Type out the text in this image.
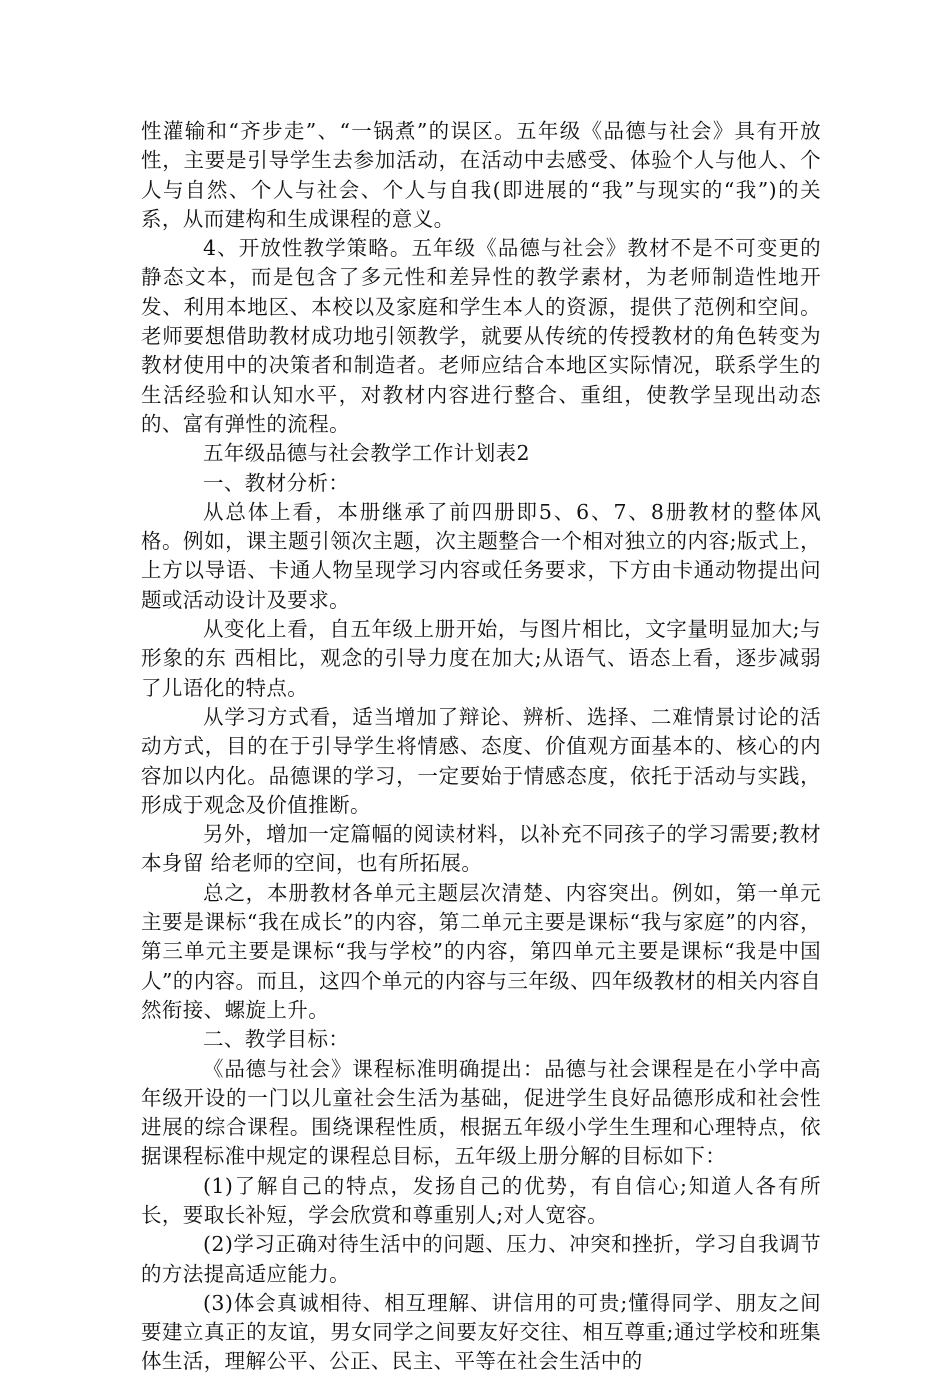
性灌输和“齐步走”、“一锅煮”的误区。五年级《品德与社会》具有开放性，主要是引导学生去参加活动，在活动中去感受、体验个人与他人、个人与自然、个人与社会、个人与自我(即进展的“我”与现实的“我”)的关系，从而建构和生成课程的意义。

4、开放性教学策略。五年级《品德与社会》教材不是不可变更的静态文本，而是包含了多元性和差异性的教学素材，为老师制造性地开发、利用本地区、本校以及家庭和学生本人的资源，提供了范例和空间。老师要想借助教材成功地引领教学，就要从传统的传授教材的角色转变为教材使用中的决策者和制造者。老师应结合本地区实际情况，联系学生的生活经验和认知水平，对教材内容进行整合、重组，使教学呈现出动态的、富有弹性的流程。

五年级品德与社会教学工作计划表2

一、教材分析：

从总体上看，本册继承了前四册即5、6、7、8册教材的整体风格。例如，课主题引领次主题，次主题整合一个相对独立的内容;版式上，上方以导语、卡通人物呈现学习内容或任务要求，下方由卡通动物提出问题或活动设计及要求。

从变化上看，自五年级上册开始，与图片相比，文字量明显加大;与形象的东 西相比，观念的引导力度在加大;从语气、语态上看，逐步减弱了儿语化的特点。

从学习方式看，适当增加了辩论、辨析、选择、二难情景讨论的活动方式，目的在于引导学生将情感、态度、价值观方面基本的、核心的内容加以内化。品德课的学习，一定要始于情感态度，依托于活动与实践，形成于观念及价值推断。

另外，增加一定篇幅的阅读材料，以补充不同孩子的学习需要;教材本身留 给老师的空间，也有所拓展。

总之，本册教材各单元主题层次清楚、内容突出。例如，第一单元主要是课标“我在成长”的内容，第二单元主要是课标“我与家庭”的内容，第三单元主要是课标“我与学校”的内容，第四单元主要是课标“我是中国人”的内容。而且，这四个单元的内容与三年级、四年级教材的相关内容自然衔接、螺旋上升。

二、教学目标：

《品德与社会》课程标准明确提出：品德与社会课程是在小学中高年级开设的一门以儿童社会生活为基础，促进学生良好品德形成和社会性进展的综合课程。围绕课程性质，根据五年级小学生生理和心理特点，依据课程标准中规定的课程总目标，五年级上册分解的目标如下：

(1)了解自己的特点，发扬自己的优势，有自信心;知道人各有所长，要取长补短，学会欣赏和尊重别人;对人宽容。

(2)学习正确对待生活中的问题、压力、冲突和挫折，学习自我调节的方法提高适应能力。

(3)体会真诚相待、相互理解、讲信用的可贵;懂得同学、朋友之间要建立真正的友谊，男女同学之间要友好交往、相互尊重;通过学校和班集体生活，理解公平、公正、民主、平等在社会生活中的
